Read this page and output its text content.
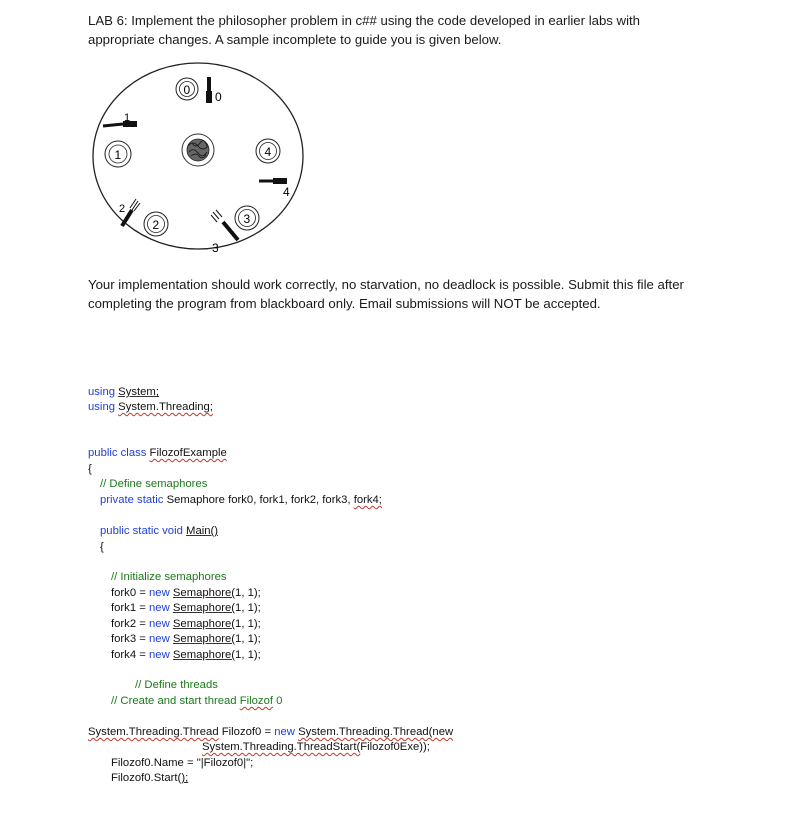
LAB 6: Implement the philosopher problem in c## using the code developed in earlier labs with
appropriate changes. A sample incomplete to guide you is given below.
0
1
2	3
4
0
1
2
3
4
Your implementation should work correctly, no starvation, no deadlock is possible. Submit this file after
completing the program from blackboard only. Email submissions will NOT be accepted.
using System;
using System.Threading;
public class FilozofExample
{
// Define semaphores
private static Semaphore fork0, fork1, fork2, fork3, fork4;
public static void Main()
{
// Initialize semaphores
fork0 = new Semaphore(1, 1);
fork1 = new Semaphore(1, 1);
fork2 = new Semaphore(1, 1);
fork3 = new Semaphore(1, 1);
fork4 = new Semaphore(1, 1);
// Define threads
// Create and start thread Filozof 0
System.Threading.Thread Filozof0 = new System.Threading.Thread(new
System.Threading.ThreadStart(Filozof0Exe));
Filozof0.Name = "|Filozof0|";
Filozof0.Start();
